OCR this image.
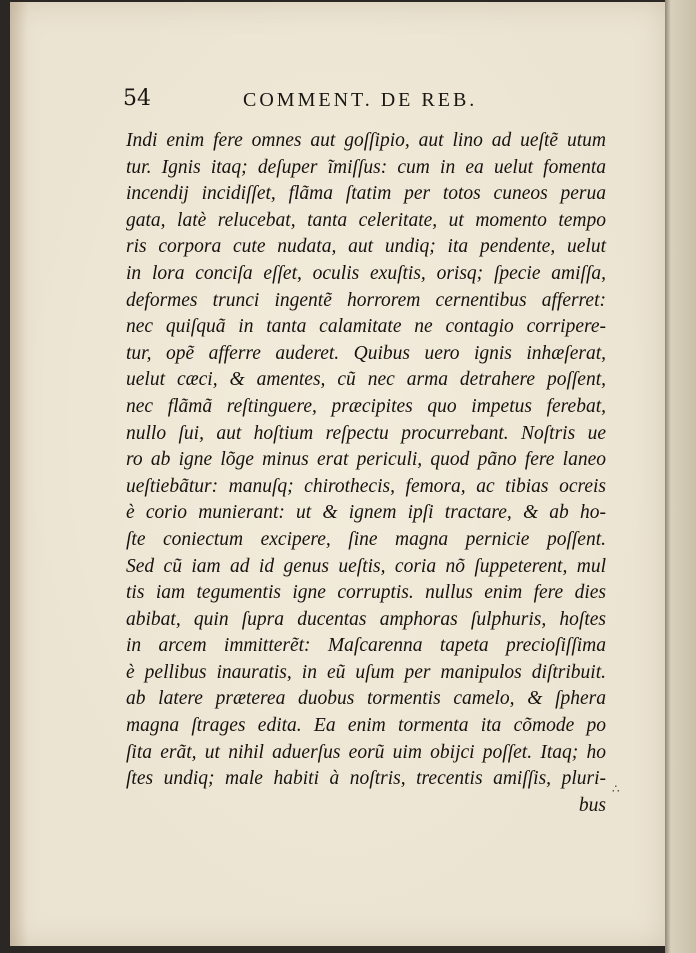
54	COMMENT. DE REB.
Indi enim fere omnes aut goſſipio, aut lino ad ueſtẽ utum
tur. Ignis itaq; deſuper ĩmiſſus: cum in ea uelut fomenta
incendij incidiſſet, flãma ſtatim per totos cuneos perua
gata, latè relucebat, tanta celeritate, ut momento tempo
ris corpora cute nudata, aut undiq; ita pendente, uelut
in lora conciſa eſſet, oculis exuſtis, orisq; ſpecie amiſſa,
deformes trunci ingentẽ horrorem cernentibus afferret:
nec quiſquã in tanta calamitate ne contagio corripere-
tur, opẽ afferre auderet. Quibus uero ignis inhæſerat,
uelut cæci, & amentes, cũ nec arma detrahere poſſent,
nec flãmã reſtinguere, præcipites quo impetus ferebat,
nullo ſui, aut hoſtium reſpectu procurrebant. Noſtris ue
ro ab igne lõge minus erat periculi, quod pãno fere laneo
ueſtiebãtur: manuſq; chirothecis, femora, ac tibias ocreis
è corio munierant: ut & ignem ipſi tractare, & ab ho-
ſte coniectum excipere, ſine magna pernicie poſſent.
Sed cũ iam ad id genus ueſtis, coria nõ ſuppeterent, mul
tis iam tegumentis igne corruptis. nullus enim fere dies
abibat, quin ſupra ducentas amphoras ſulphuris, hoſtes
in arcem immitterẽt: Maſcarenna tapeta precioſiſſima
è pellibus inauratis, in eũ uſum per manipulos diſtribuit.
ab latere præterea duobus tormentis camelo, & ſphera
magna ſtrages edita. Ea enim tormenta ita cõmode po
ſita erãt, ut nihil aduerſus eorũ uim obijci poſſet. Itaq; ho
ſtes undiq; male habiti à noſtris, trecentis amiſſis, pluri-
bus
∴
